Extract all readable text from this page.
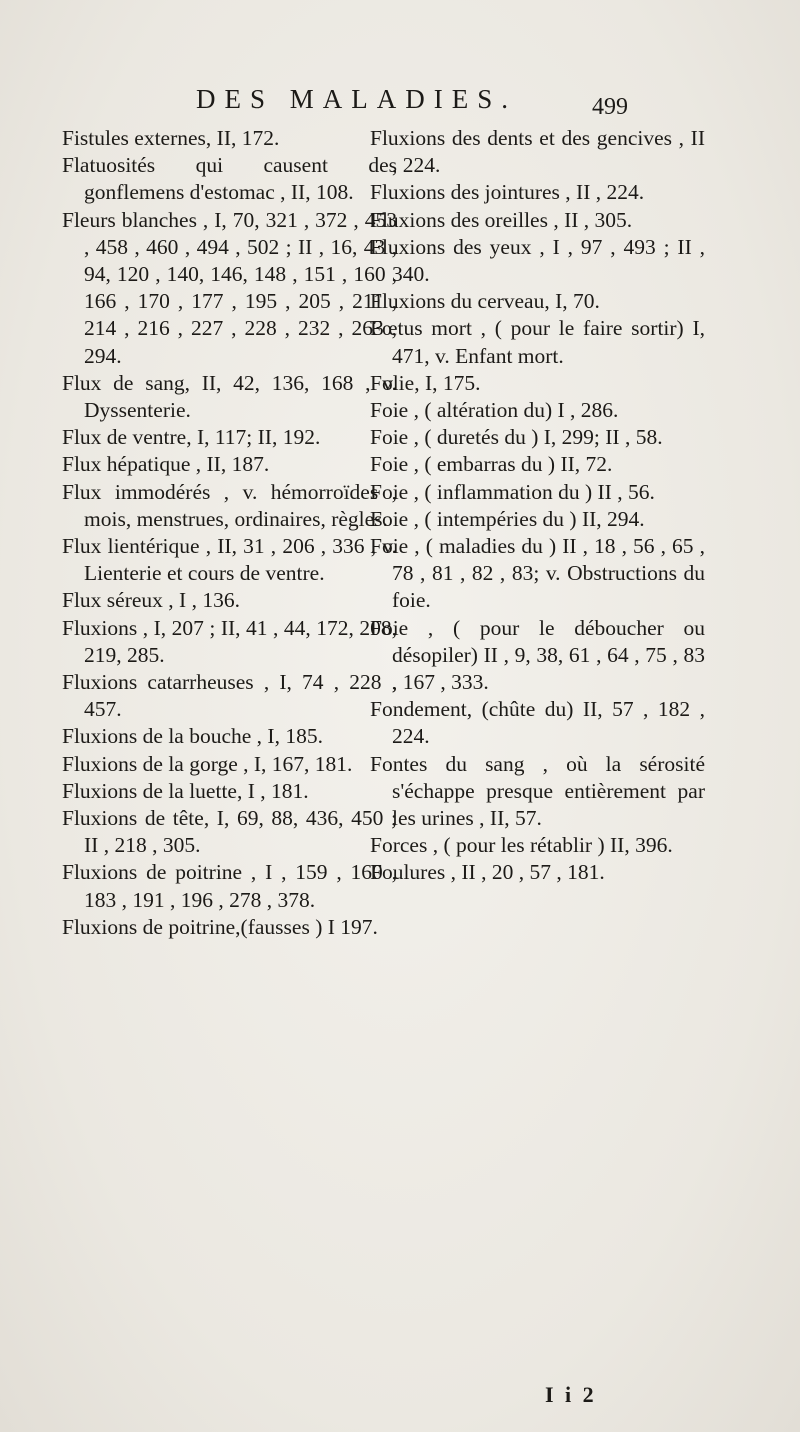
DES MALADIES.	499

Fistules externes, II, 172.

Flatuosités qui causent des gonflemens d'estomac , II, 108.

Fleurs blanches , I, 70, 321 , 372 , 453 , 458 , 460 , 494 , 502 ; II , 16, 43 , 94, 120 , 140, 146, 148 , 151 , 160 , 166 , 170 , 177 , 195 , 205 , 211 , 214 , 216 , 227 , 228 , 232 , 263 , 294.

Flux de sang, II, 42, 136, 168 , v. Dyssenterie.

Flux de ventre, I, 117; II, 192.

Flux hépatique , II, 187.

Flux immodérés , v. hémorroïdes , mois, menstrues, ordinaires, règles.

Flux lientérique , II, 31 , 206 , 336 , v. Lienterie et cours de ventre.

Flux séreux , I , 136.

Fluxions , I, 207 ; II, 41 , 44, 172, 208, 219, 285.

Fluxions catarrheuses , I, 74 , 228 , 457.

Fluxions de la bouche , I, 185.

Fluxions de la gorge , I, 167, 181.

Fluxions de la luette, I , 181.

Fluxions de tête, I, 69, 88, 436, 450 ; II , 218 , 305.

Fluxions de poitrine , I , 159 , 160 , 183 , 191 , 196 , 278 , 378.

Fluxions de poitrine,(fausses ) I 197.

Fluxions des dents et des gencives , II , 224.

Fluxions des jointures , II , 224.

Fluxions des oreilles , II , 305.

Fluxions des yeux , I , 97 , 493 ; II , 340.

Fluxions du cerveau, I, 70.

Fœtus mort , ( pour le faire sortir) I, 471, v. Enfant mort.

Folie, I, 175.

Foie , ( altération du) I , 286.

Foie , ( duretés du ) I, 299; II , 58.

Foie , ( embarras du ) II, 72.

Foie , ( inflammation du ) II , 56.

Foie , ( intempéries du ) II, 294.

Foie , ( maladies du ) II , 18 , 56 , 65 , 78 , 81 , 82 , 83; v. Obstructions du foie.

Foie , ( pour le déboucher ou désopiler) II , 9, 38, 61 , 64 , 75 , 83 , 167 , 333.

Fondement, (chûte du) II, 57 , 182 , 224.

Fontes du sang , où la sérosité s'échappe presque entièrement par les urines , II, 57.

Forces , ( pour les rétablir ) II, 396.

Foulures , II , 20 , 57 , 181.

I i 2
